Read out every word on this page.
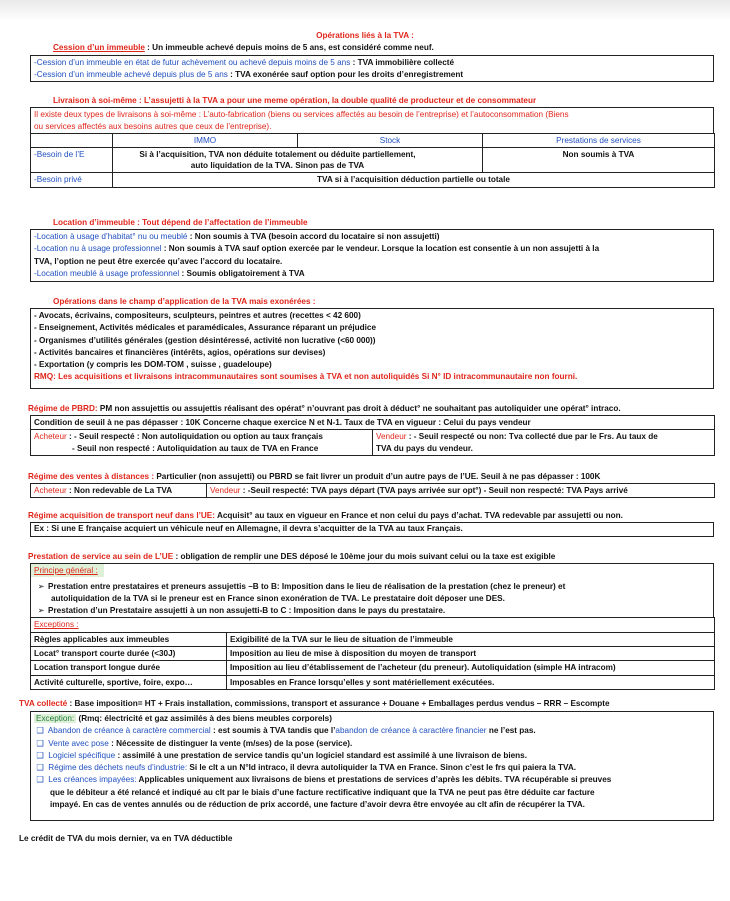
Opérations liés à la TVA :
Cession d’un immeuble : Un immeuble achevé depuis moins de 5 ans, est considéré comme neuf.
-Cession d’un immeuble en état de futur achèvement ou achevé depuis moins de 5 ans : TVA immobilière collecté
-Cession d’un immeuble achevé depuis plus de 5 ans : TVA exonérée sauf option pour les droits d’enregistrement
Livraison à soi-même : L’assujetti à la TVA a pour une meme opération, la double qualité de producteur et de consommateur
Il existe deux types de livraisons à soi-même : L’auto-fabrication (biens ou services affectés au besoin de l’entreprise) et l’autoconsommation (Biens
ou services affectés aux besoins autres que ceux de l’entreprise).
	IMMO	Stock	Prestations de services
-Besoin de l’E	Si à l’acquisition, TVA non déduite totalement ou déduite partiellement, auto liquidation de la TVA. Sinon pas de TVA		Non soumis à TVA
-Besoin privé	TVA si à l’acquisition déduction partielle ou totale		
Location d’immeuble : Tout dépend de l’affectation de l’immeuble
-Location à usage d’habitat° nu ou meublé : Non soumis à TVA (besoin accord du locataire si non assujetti)
-Location nu à usage professionnel : Non soumis à TVA sauf option exercée par le vendeur. Lorsque la location est consentie à un non assujetti à la
TVA, l’option ne peut être exercée qu’avec l’accord du locataire.
-Location meublé à usage professionnel : Soumis obligatoirement à TVA
Opérations dans le champ d’application de la TVA mais exonérées :
- Avocats, écrivains, compositeurs, sculpteurs, peintres et autres (recettes < 42 600)
- Enseignement, Activités médicales et paramédicales, Assurance réparant un préjudice
- Organismes d’utilités générales (gestion désintéressé, activité non lucrative (<60 000))
- Activités bancaires et financières (intérêts, agios, opérations sur devises)
- Exportation (y compris les DOM-TOM , suisse , guadeloupe)
RMQ: Les acquisitions et livraisons intracommunautaires sont soumises à TVA et non autoliquidés Si N° ID intracommunautaire non fourni.
Régime de PBRD: PM non assujettis ou assujettis réalisant des opérat° n’ouvrant pas droit à déduct° ne souhaitant pas autoliquider une opérat° intraco.
Condition de seuil à ne pas dépasser : 10K Concerne chaque exercice N et N-1. Taux de TVA en vigueur : Celui du pays vendeur

Acheteur : - Seuil respecté : Non autoliquidation ou option au taux français
- Seuil non respecté : Autoliquidation au taux de TVA en France

Vendeur : - Seuil respecté ou non: Tva collecté due par le Frs. Au taux de
TVA du pays du vendeur.
Régime des ventes à distances : Particulier (non assujetti) ou PBRD se fait livrer un produit d’un autre pays de l’UE. Seuil à ne pas dépasser : 100K
Acheteur : Non redevable de La TVA	Vendeur : -Seuil respecté: TVA pays départ (TVA pays arrivée sur opt°) - Seuil non respecté: TVA Pays arrivé
Régime acquisition de transport neuf dans l’UE: Acquisit° au taux en vigueur en France et non celui du pays d’achat. TVA redevable par assujetti ou non.
Ex : Si une E française acquiert un véhicule neuf en Allemagne, il devra s’acquitter de la TVA au taux Français.
Prestation de service au sein de L’UE : obligation de remplir une DES déposé le 10ème jour du mois suivant celui ou la taxe est exigible
Principe général :
➢ Prestation entre prestataires et preneurs assujettis –B to B: Imposition dans le lieu de réalisation de la prestation (chez le preneur) et
autoliquidation de la TVA si le preneur est en France sinon exonération de TVA. Le prestataire doit déposer une DES.
➢ Prestation d’un Prestataire assujetti à un non assujetti-B to C : Imposition dans le pays du prestataire.
Exceptions :	
Règles applicables aux immeubles	Exigibilité de la TVA sur le lieu de situation de l’immeuble
Locat° transport courte durée (<30J)	Imposition au lieu de mise à disposition du moyen de transport
Location transport longue durée	Imposition au lieu d’établissement de l’acheteur (du preneur). Autoliquidation (simple HA intracom)
Activité culturelle, sportive, foire, expo…	Imposables en France lorsqu’elles y sont matériellement exécutées.
TVA collecté : Base imposition= HT + Frais installation, commissions, transport et assurance + Douane + Emballages perdus vendus – RRR – Escompte
Exception: (Rmq: électricité et gaz assimilés à des biens meubles corporels)
❑ Abandon de créance à caractère commercial : est soumis à TVA tandis que l’abandon de créance à caractère financier ne l’est pas.
❑ Vente avec pose : Nécessite de distinguer la vente (m/ses) de la pose (service).
❑ Logiciel spécifique : assimilé à une prestation de service tandis qu’un logiciel standard est assimilé à une livraison de biens.
❑ Régime des déchets neufs d’industrie: Si le clt a un N°Id intraco, il devra autoliquider la TVA en France. Sinon c’est le frs qui paiera la TVA.
❑ Les créances impayées: Applicables uniquement aux livraisons de biens et prestations de services d’après les débits. TVA récupérable si preuves
que le débiteur a été relancé et indiqué au clt par le biais d’une facture rectificative indiquant que la TVA ne peut pas être déduite car facture
impayé. En cas de ventes annulés ou de réduction de prix accordé, une facture d’avoir devra être envoyée au clt afin de récupérer la TVA.
Le crédit de TVA du mois dernier, va en TVA déductible
